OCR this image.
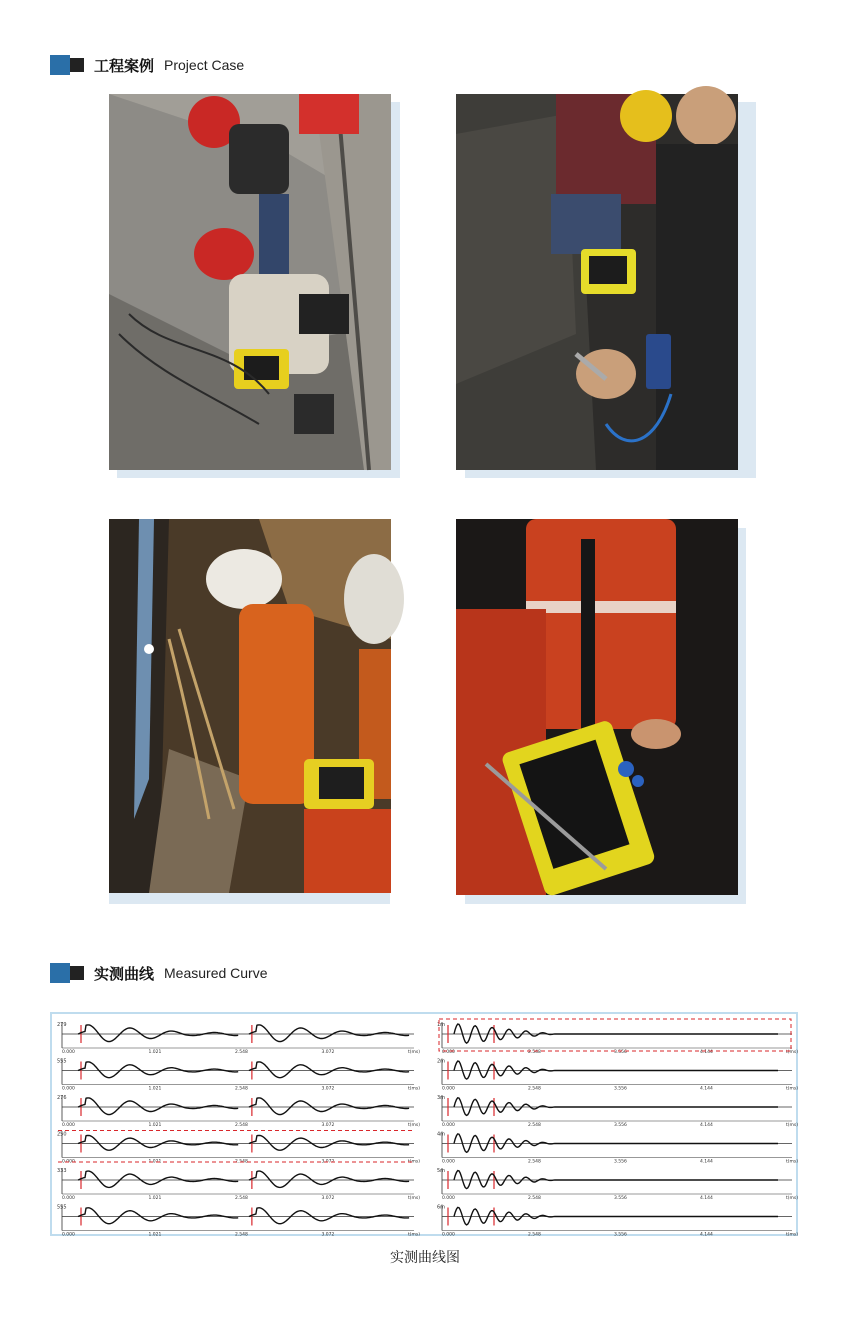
工程案例 Project Case
实测曲线 Measured Curve
279
0.000	1.021	2.548	3.072	t(ms)
555
0.000	1.021	2.548	3.072	t(ms)
276
0.000	1.021	2.548	3.072	t(ms)
250
0.000	1.021	2.548	3.072	t(ms)
333
0.000	1.021	2.548	3.072	t(ms)
555
0.000	1.021	2.548	3.072	t(ms)
1m
0.000	2.548	3.556	4.144	t(ms)
2m
0.000	2.548	3.556	4.144	t(ms)
3m
0.000	2.548	3.556	4.144	t(ms)
4m
0.000	2.548	3.556	4.144	t(ms)
5m
0.000	2.548	3.556	4.144	t(ms)
6m
0.000	2.548	3.556	4.144	t(ms)
实测曲线图
